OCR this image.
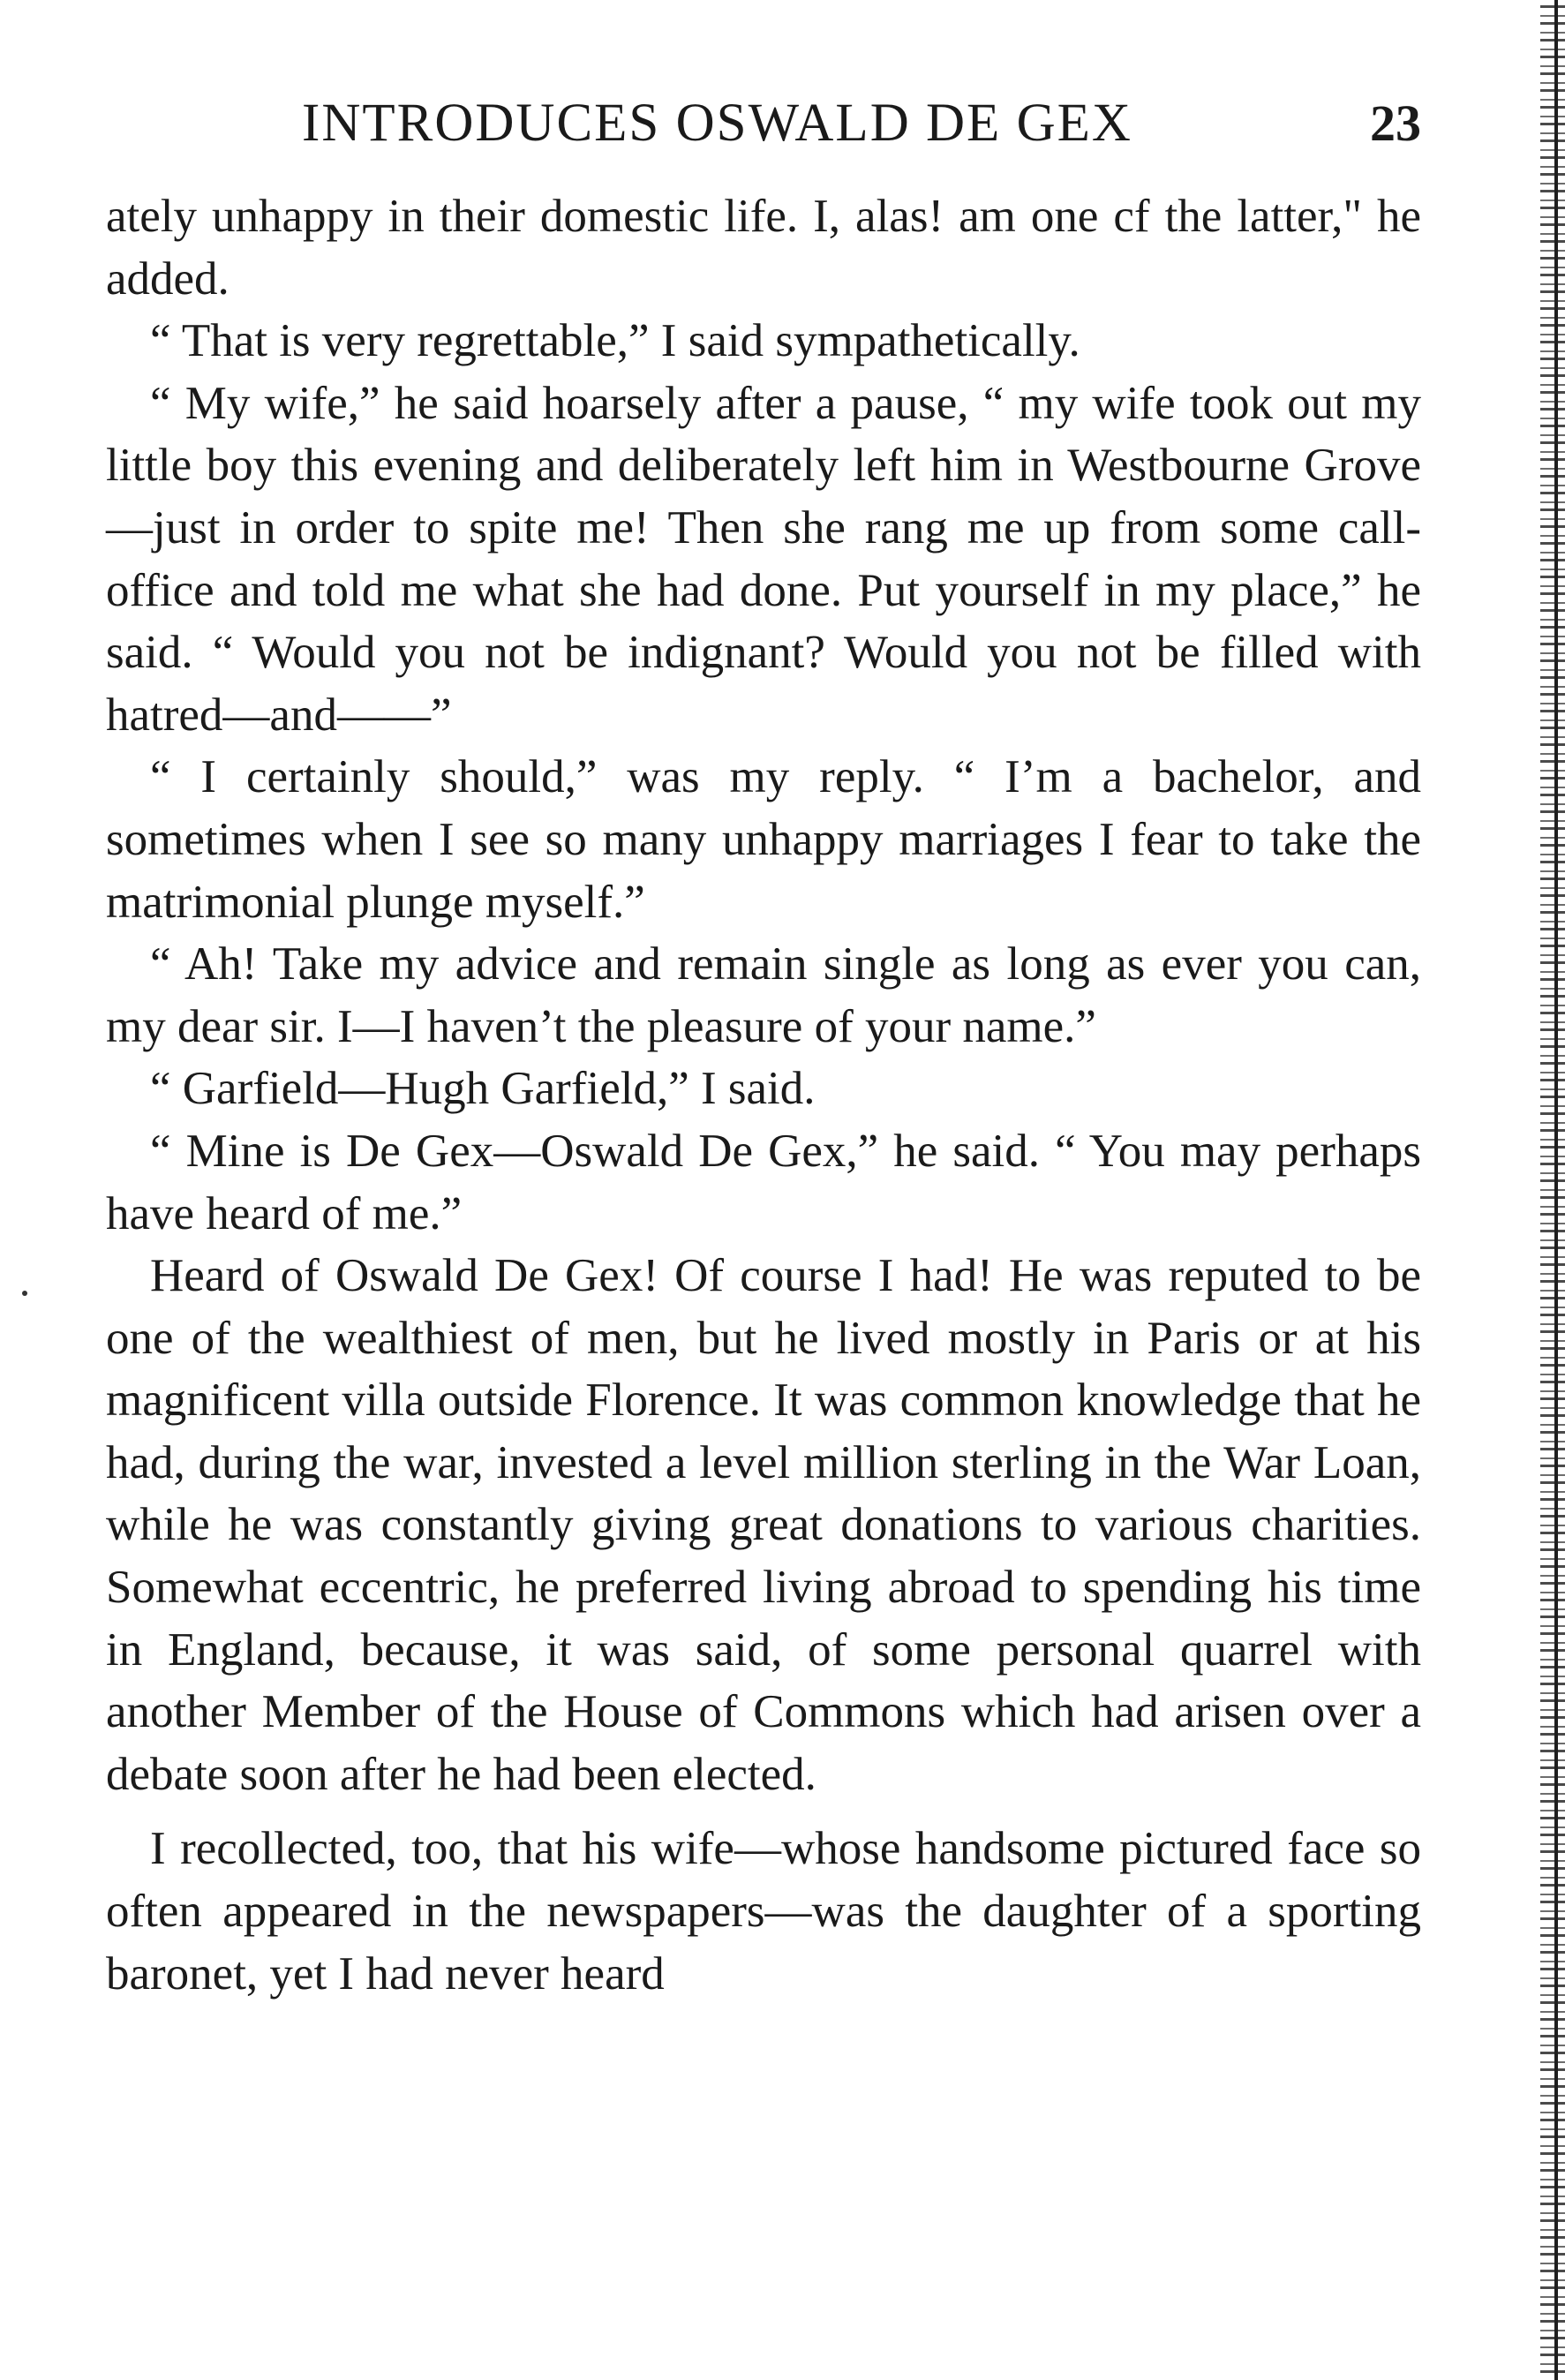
INTRODUCES OSWALD DE GEX	23

ately unhappy in their domestic life. I, alas! am one cf the latter," he added.

“ That is very regrettable,” I said sympathetically.

“ My wife,” he said hoarsely after a pause, “ my wife took out my little boy this evening and deliberately left him in Westbourne Grove—just in order to spite me! Then she rang me up from some call-office and told me what she had done. Put yourself in my place,” he said. “ Would you not be indignant? Would you not be filled with hatred—and——”

“ I certainly should,” was my reply. “ I’m a bachelor, and sometimes when I see so many unhappy marriages I fear to take the matrimonial plunge myself.”

“ Ah! Take my advice and remain single as long as ever you can, my dear sir. I—I haven’t the pleasure of your name.”

“ Garfield—Hugh Garfield,” I said.

“ Mine is De Gex—Oswald De Gex,” he said. “ You may perhaps have heard of me.”

Heard of Oswald De Gex! Of course I had! He was reputed to be one of the wealthiest of men, but he lived mostly in Paris or at his magnificent villa outside Florence. It was common knowledge that he had, during the war, invested a level million sterling in the War Loan, while he was constantly giving great donations to various charities. Somewhat eccentric, he preferred living abroad to spending his time in England, because, it was said, of some personal quarrel with another Member of the House of Commons which had arisen over a debate soon after he had been elected.

I recollected, too, that his wife—whose handsome pictured face so often appeared in the newspapers—was the daughter of a sporting baronet, yet I had never heard
